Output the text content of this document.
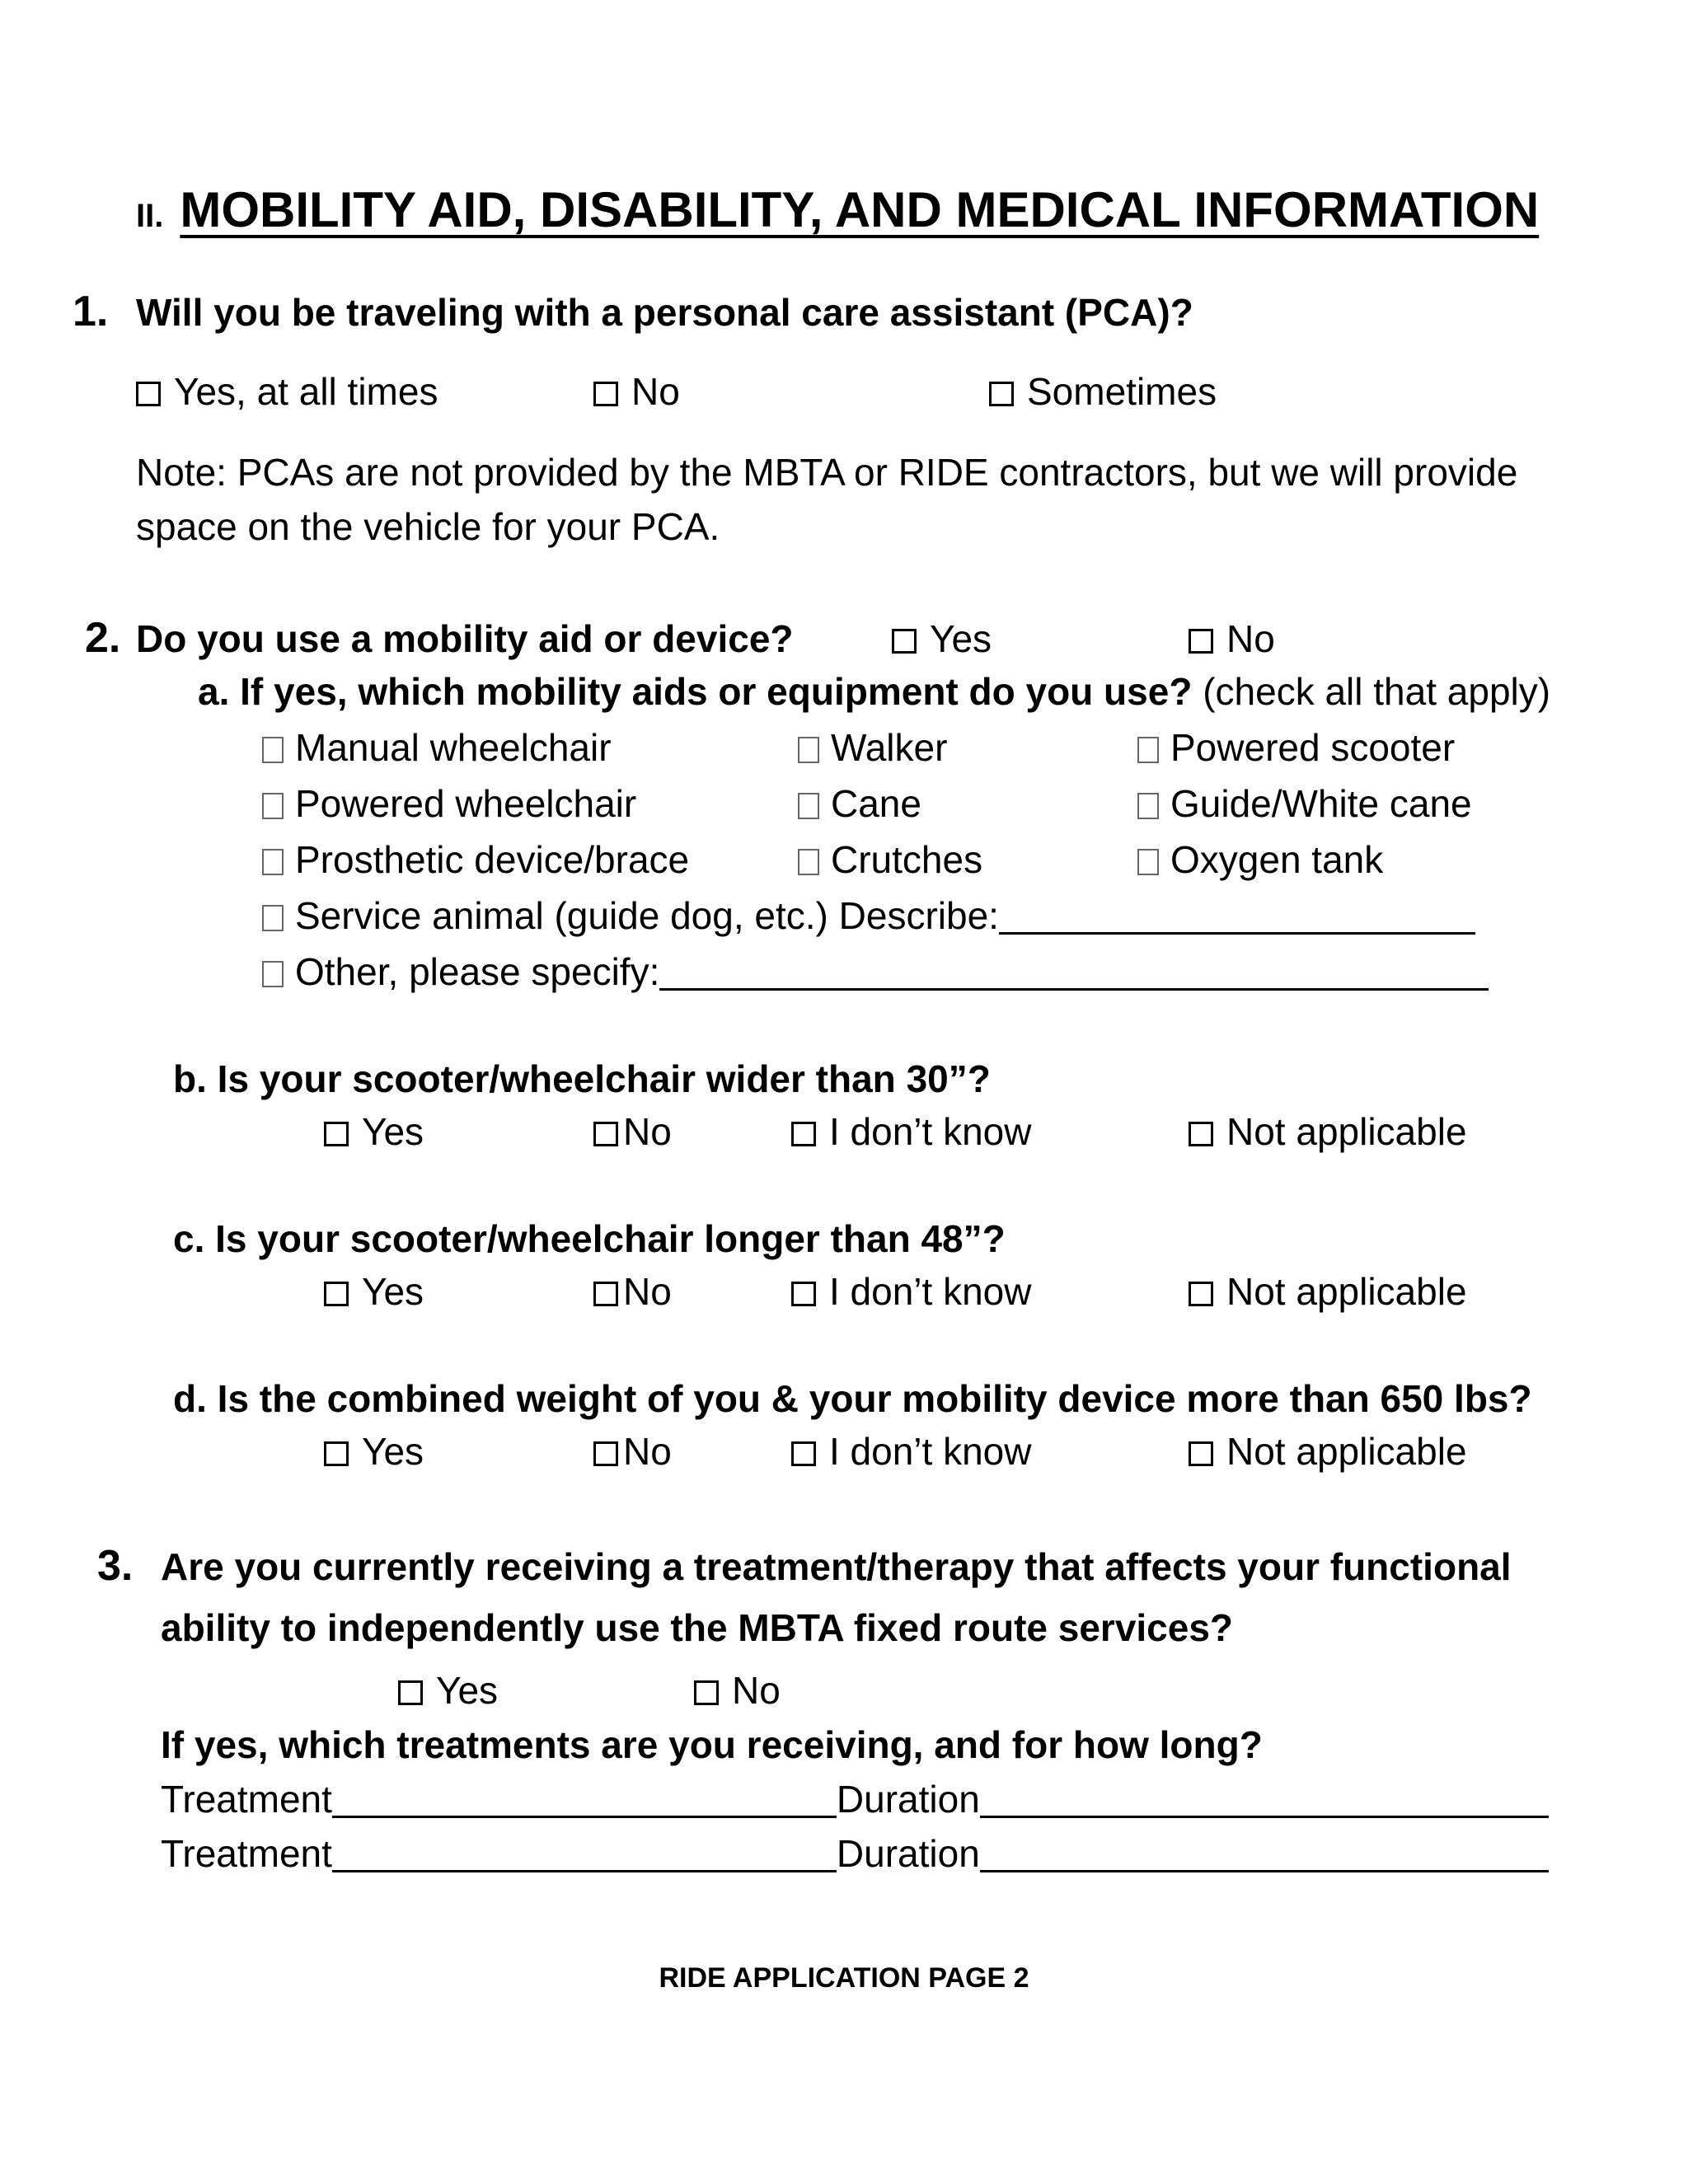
II. MOBILITY AID, DISABILITY, AND MEDICAL INFORMATION
1. Will you be traveling with a personal care assistant (PCA)?
Yes, at all times	No	Sometimes
Note: PCAs are not provided by the MBTA or RIDE contractors, but we will provide
space on the vehicle for your PCA.
2. Do you use a mobility aid or device?	Yes	No
a. If yes, which mobility aids or equipment do you use? (check all that apply)
Manual wheelchair	Walker	Powered scooter
Powered wheelchair	Cane	Guide/White cane
Prosthetic device/brace	Crutches	Oxygen tank
Service animal (guide dog, etc.) Describe:
Other, please specify:
b. Is your scooter/wheelchair wider than 30”?
Yes	No	I don’t know	Not applicable
c. Is your scooter/wheelchair longer than 48”?
Yes	No	I don’t know	Not applicable
d. Is the combined weight of you & your mobility device more than 650 lbs?
Yes	No	I don’t know	Not applicable
3. Are you currently receiving a treatment/therapy that affects your functional
ability to independently use the MBTA fixed route services?
Yes	No
If yes, which treatments are you receiving, and for how long?
Treatment	Duration
Treatment	Duration
RIDE APPLICATION PAGE 2
